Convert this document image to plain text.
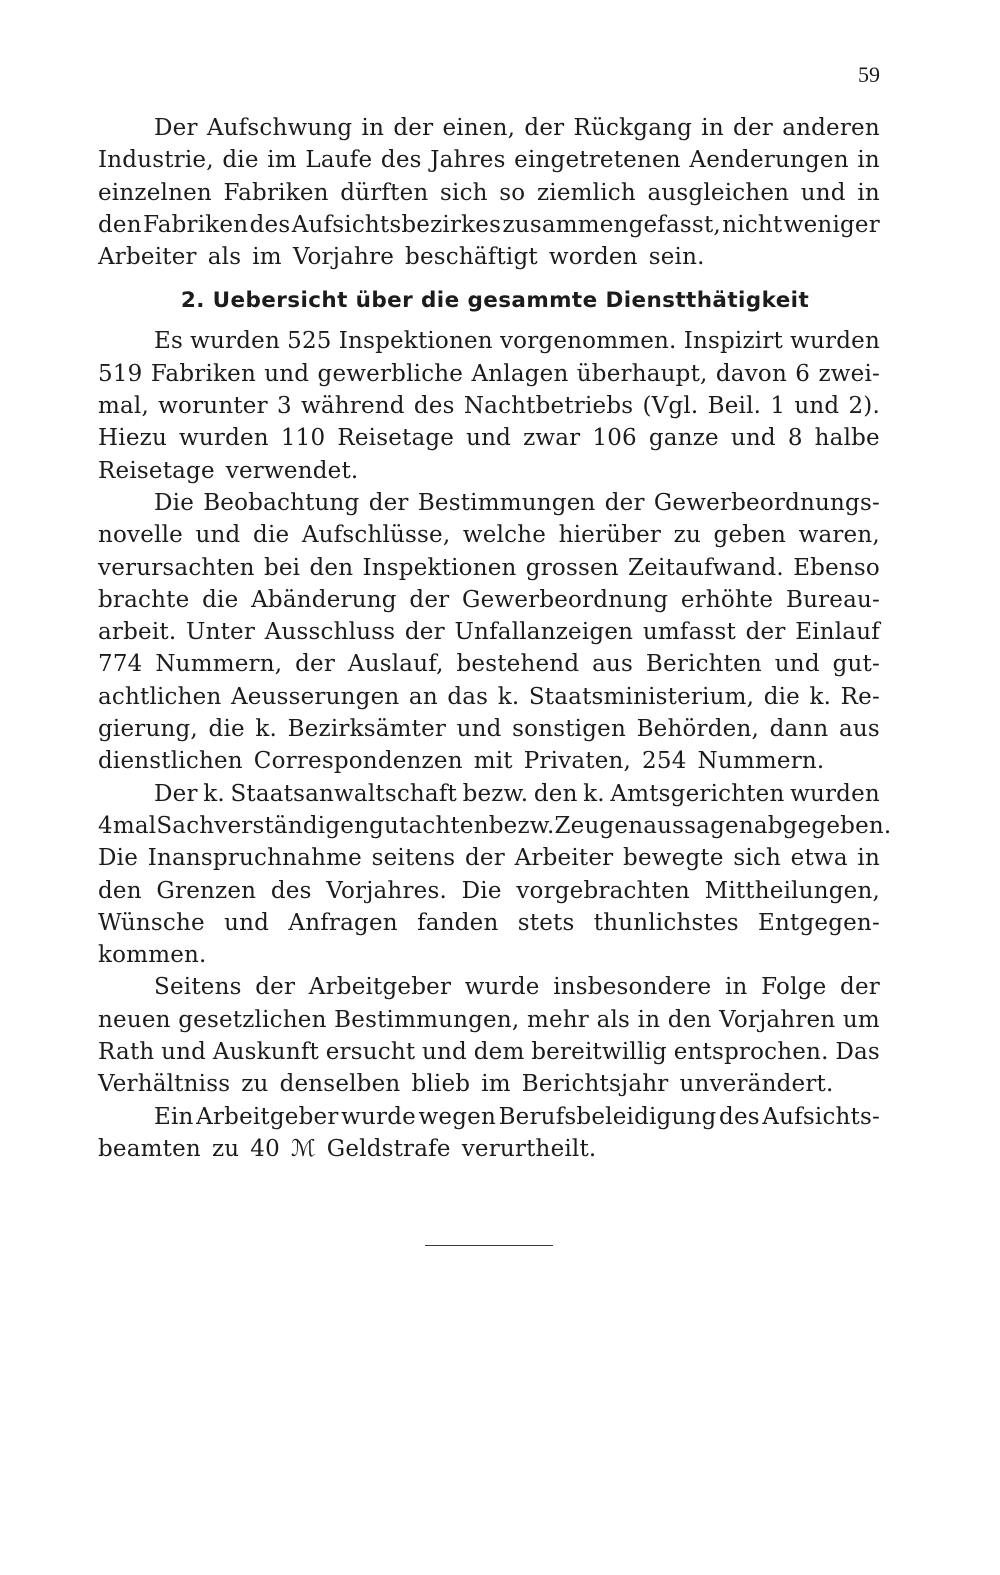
59
Der Aufschwung in der einen, der Rückgang in der anderen
Industrie, die im Laufe des Jahres eingetretenen Aenderungen in
einzelnen Fabriken dürften sich so ziemlich ausgleichen und in
den Fabriken des Aufsichtsbezirkes zusammengefasst, nicht weniger
Arbeiter als im Vorjahre beschäftigt worden sein.
2. Uebersicht über die gesammte Dienstthätigkeit
Es wurden 525 Inspektionen vorgenommen. Inspizirt wurden
519 Fabriken und gewerbliche Anlagen überhaupt, davon 6 zwei-
mal, worunter 3 während des Nachtbetriebs (Vgl. Beil. 1 und 2).
Hiezu wurden 110 Reisetage und zwar 106 ganze und 8 halbe
Reisetage verwendet.
Die Beobachtung der Bestimmungen der Gewerbeordnungs-
novelle und die Aufschlüsse, welche hierüber zu geben waren,
verursachten bei den Inspektionen grossen Zeitaufwand. Ebenso
brachte die Abänderung der Gewerbeordnung erhöhte Bureau-
arbeit. Unter Ausschluss der Unfallanzeigen umfasst der Einlauf
774 Nummern, der Auslauf, bestehend aus Berichten und gut-
achtlichen Aeusserungen an das k. Staatsministerium, die k. Re-
gierung, die k. Bezirksämter und sonstigen Behörden, dann aus
dienstlichen Correspondenzen mit Privaten, 254 Nummern.
Der k. Staatsanwaltschaft bezw. den k. Amtsgerichten wurden
4 mal Sachverständigengutachten bezw. Zeugenaussagen abgegeben.
Die Inanspruchnahme seitens der Arbeiter bewegte sich etwa in
den Grenzen des Vorjahres. Die vorgebrachten Mittheilungen,
Wünsche und Anfragen fanden stets thunlichstes Entgegen-
kommen.
Seitens der Arbeitgeber wurde insbesondere in Folge der
neuen gesetzlichen Bestimmungen, mehr als in den Vorjahren um
Rath und Auskunft ersucht und dem bereitwillig entsprochen. Das
Verhältniss zu denselben blieb im Berichtsjahr unverändert.
Ein Arbeitgeber wurde wegen Berufsbeleidigung des Aufsichts-
beamten zu 40 ℳ Geldstrafe verurtheilt.
